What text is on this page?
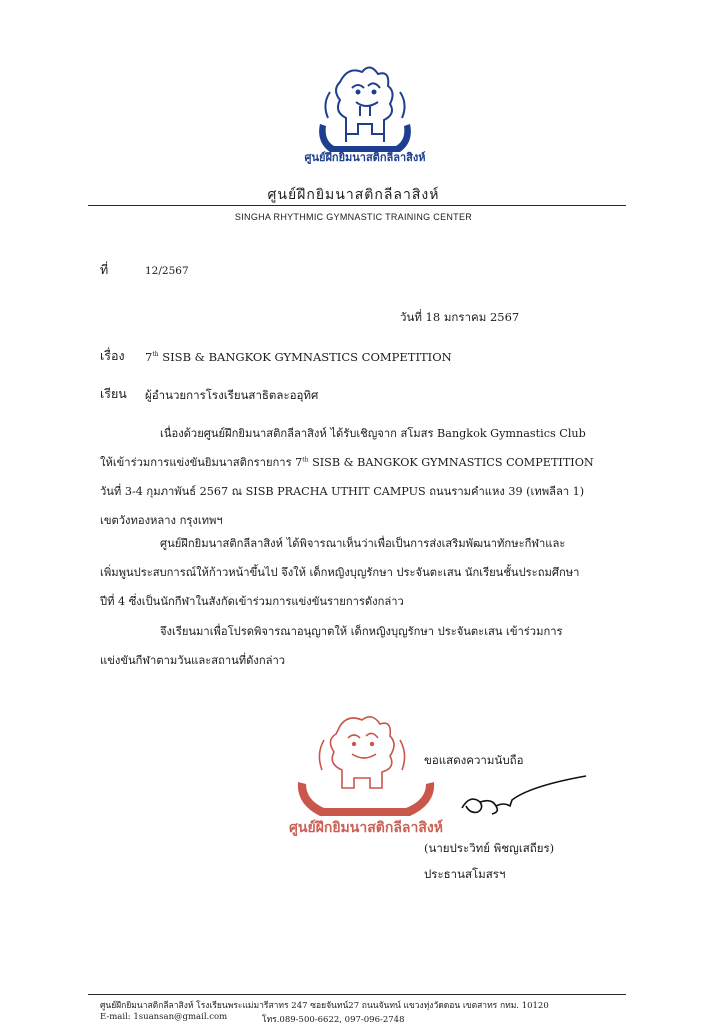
ศูนย์ฝึกยิมนาสติกลีลาสิงห์
ศูนย์ฝึกยิมนาสติกลีลาสิงห์
SINGHA RHYTHMIC GYMNASTIC TRAINING CENTER
ที่	12/2567
วันที่ 18 มกราคม 2567
เรื่อง 7th SISB & BANGKOK GYMNASTICS COMPETITION
เรียน ผู้อำนวยการโรงเรียนสาธิตละออุทิศ
เนื่องด้วยศูนย์ฝึกยิมนาสติกลีลาสิงห์ ได้รับเชิญจาก สโมสร Bangkok Gymnastics Club
ให้เข้าร่วมการแข่งขันยิมนาสติกรายการ 7th SISB & BANGKOK GYMNASTICS COMPETITION
วันที่ 3-4 กุมภาพันธ์ 2567 ณ SISB PRACHA UTHIT CAMPUS ถนนรามคำแหง 39 (เทพลีลา 1)
เขตวังทองหลาง กรุงเทพฯ
ศูนย์ฝึกยิมนาสติกลีลาสิงห์ ได้พิจารณาเห็นว่าเพื่อเป็นการส่งเสริมพัฒนาทักษะกีฬาและ
เพิ่มพูนประสบการณ์ให้ก้าวหน้าขึ้นไป จึงให้ เด็กหญิงบุญรักษา ประจันตะเสน นักเรียนชั้นประถมศึกษา
ปีที่ 4 ซึ่งเป็นนักกีฬาในสังกัดเข้าร่วมการแข่งขันรายการดังกล่าว
จึงเรียนมาเพื่อโปรดพิจารณาอนุญาตให้ เด็กหญิงบุญรักษา ประจันตะเสน เข้าร่วมการ
แข่งขันกีฬาตามวันและสถานที่ดังกล่าว
ศูนย์ฝึกยิมนาสติกลีลาสิงห์
ขอแสดงความนับถือ
(นายประวิทย์ พิชญเสถียร)
ประธานสโมสรฯ
ศูนย์ฝึกยิมนาสติกลีลาสิงห์ โรงเรียนพระแม่มารีสาทร 247 ซอยจันทน์27 ถนนจันทน์ แขวงทุ่งวัดดอน เขตสาทร กทม. 10120
E-mail: 1suansan@gmail.com	โทร.089-500-6622, 097-096-2748
